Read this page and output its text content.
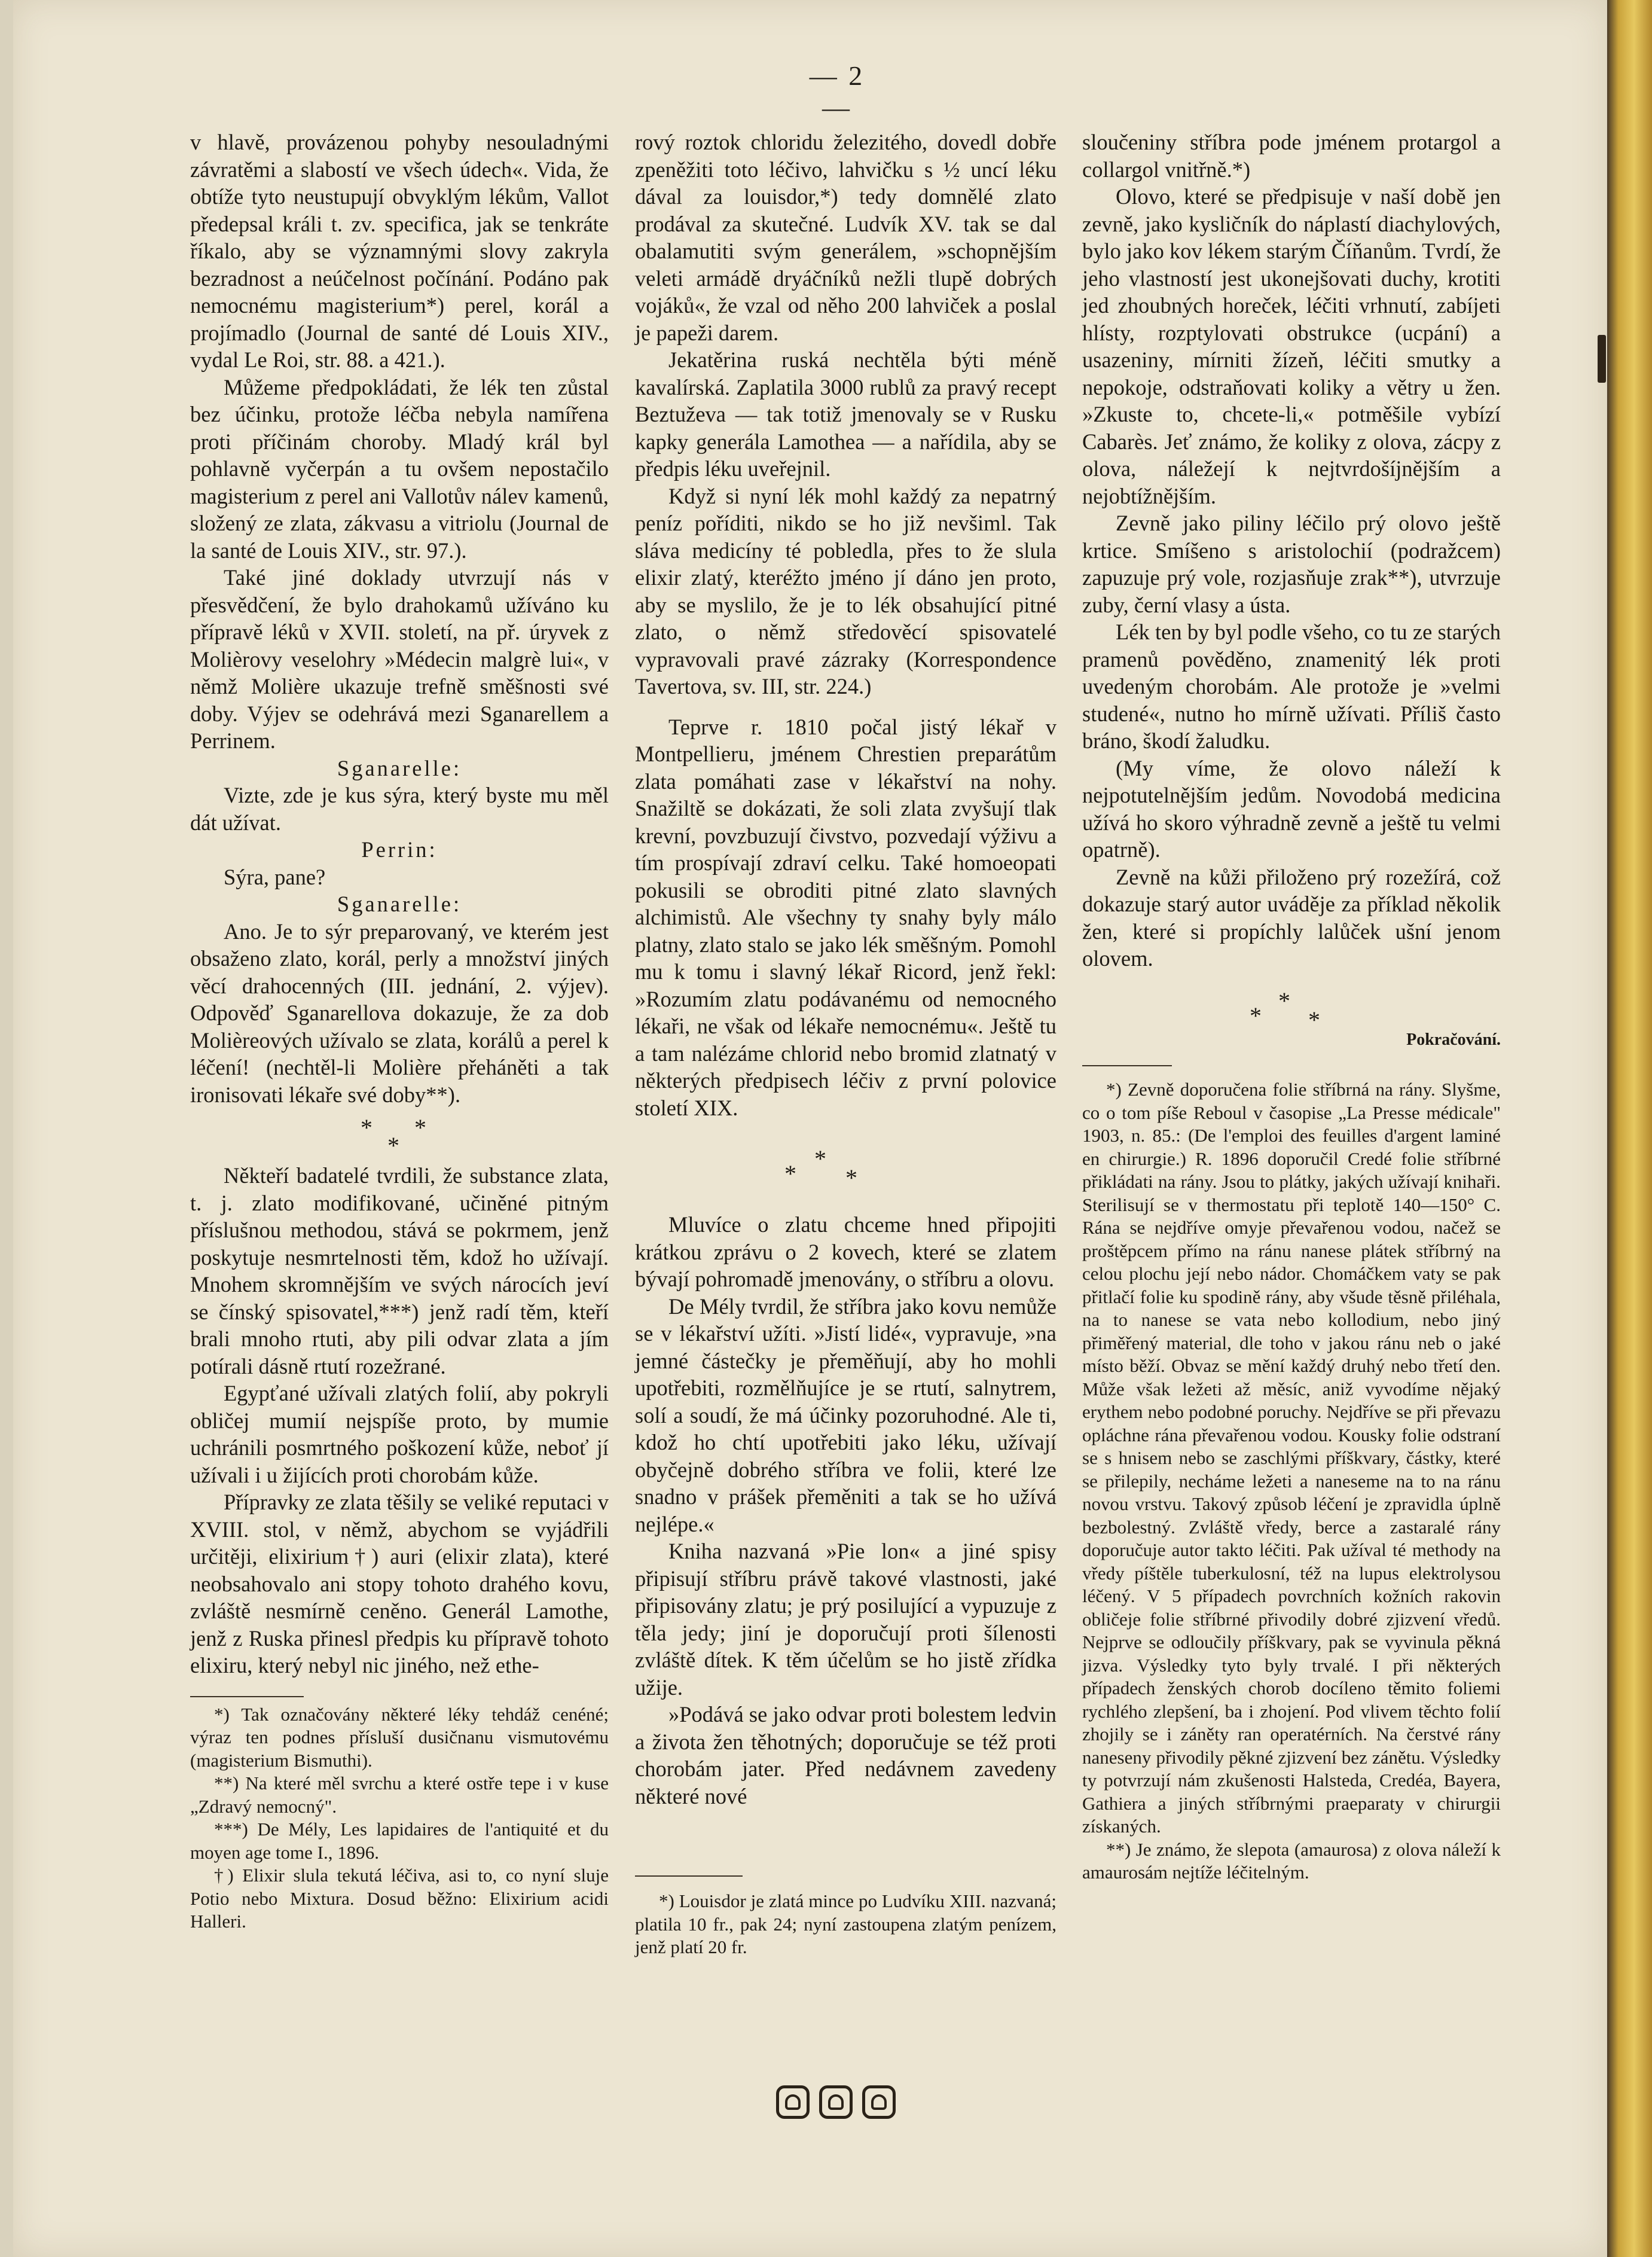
— 2 —

v hlavě, provázenou pohyby nesouladnými závratěmi a slabostí ve všech údech«. Vida, že obtíže tyto neustupují obvyklým lékům, Vallot předepsal králi t. zv. specifica, jak se tenkráte říkalo, aby se významnými slovy zakryla bezradnost a neúčelnost počínání. Podáno pak nemocnému magisterium*) perel, korál a projímadlo (Journal de santé dé Louis XIV., vydal Le Roi, str. 88. a 421.).

Můžeme předpokládati, že lék ten zůstal bez účinku, protože léčba nebyla namířena proti příčinám choroby. Mladý král byl pohlavně vyčerpán a tu ovšem nepostačilo magisterium z perel ani Vallotův nálev kamenů, složený ze zlata, zákvasu a vitriolu (Journal de la santé de Louis XIV., str. 97.).

Také jiné doklady utvrzují nás v přesvědčení, že bylo drahokamů užíváno ku přípravě léků v XVII. století, na př. úryvek z Molièrovy veselohry »Médecin malgrè lui«, v němž Molière ukazuje trefně směšnosti své doby. Výjev se odehrává mezi Sganarellem a Perrinem.

Sganarelle:

Vizte, zde je kus sýra, který byste mu měl dát užívat.

Perrin:

Sýra, pane?

Sganarelle:

Ano. Je to sýr preparovaný, ve kterém jest obsaženo zlato, korál, perly a množství jiných věcí drahocenných (III. jednání, 2. výjev). Odpověď Sganarellova dokazuje, že za dob Molièreových užívalo se zlata, korálů a perel k léčení! (nechtěl-li Molière přeháněti a tak ironisovati lékaře své doby**).

*
*
*

Někteří badatelé tvrdili, že substance zlata, t. j. zlato modifikované, učiněné pitným příslušnou methodou, stává se pokrmem, jenž poskytuje nesmrtelnosti těm, kdož ho užívají. Mnohem skromnějším ve svých nárocích jeví se čínský spisovatel,***) jenž radí těm, kteří brali mnoho rtuti, aby pili odvar zlata a jím potírali dásně rtutí rozežrané.

Egypťané užívali zlatých folií, aby pokryli obličej mumií nejspíše proto, by mumie uchránili posmrtného poškození kůže, neboť jí užívali i u žijících proti chorobám kůže.

Přípravky ze zlata těšily se veliké reputaci v XVIII. stol, v němž, abychom se vyjádřili určitěji, elixirium†) auri (elixir zlata), které neobsahovalo ani stopy tohoto drahého kovu, zvláště nesmírně ceněno. Generál Lamothe, jenž z Ruska přinesl předpis ku přípravě tohoto elixiru, který nebyl nic jiného, než ethe-

*) Tak označovány některé léky tehdáž cenéné; výraz ten podnes přísluší dusičnanu vismutovému (magisterium Bismuthi).

**) Na které měl svrchu a které ostře tepe i v kuse „Zdravý nemocný".

***) De Mély, Les lapidaires de l'antiquité et du moyen age tome I., 1896.

†) Elixir slula tekutá léčiva, asi to, co nyní sluje Potio nebo Mixtura. Dosud běžno: Elixirium acidi Halleri.

rový roztok chloridu železitého, dovedl dobře zpeněžiti toto léčivo, lahvičku s ½ uncí léku dával za louisdor,*) tedy domnělé zlato prodával za skutečné. Ludvík XV. tak se dal obalamutiti svým generálem, »schopnějším veleti armádě dryáčníků nežli tlupě dobrých vojáků«, že vzal od něho 200 lahviček a poslal je papeži darem.

Jekatěrina ruská nechtěla býti méně kavalírská. Zaplatila 3000 rublů za pravý recept Beztuževa — tak totiž jmenovaly se v Rusku kapky generála Lamothea — a nařídila, aby se předpis léku uveřejnil.

Když si nyní lék mohl každý za nepatrný peníz poříditi, nikdo se ho již nevšiml. Tak sláva medicíny té pobledla, přes to že slula elixir zlatý, kteréžto jméno jí dáno jen proto, aby se myslilo, že je to lék obsahující pitné zlato, o němž středověcí spisovatelé vypravovali pravé zázraky (Korrespondence Tavertova, sv. III, str. 224.)

Teprve r. 1810 počal jistý lékař v Montpellieru, jménem Chrestien preparátům zlata pomáhati zase v lékařství na nohy. Snažiltě se dokázati, že soli zlata zvyšují tlak krevní, povzbuzují čivstvo, pozvedají výživu a tím prospívají zdraví celku. Také homoeopati pokusili se obroditi pitné zlato slavných alchimistů. Ale všechny ty snahy byly málo platny, zlato stalo se jako lék směšným. Pomohl mu k tomu i slavný lékař Ricord, jenž řekl: »Rozumím zlatu podávanému od nemocného lékaři, ne však od lékaře nemocnému«. Ještě tu a tam nalézáme chlorid nebo bromid zlatnatý v některých předpisech léčiv z první polovice století XIX.

*
*
*

Mluvíce o zlatu chceme hned připojiti krátkou zprávu o 2 kovech, které se zlatem bývají pohromadě jmenovány, o stříbru a olovu.

De Mély tvrdil, že stříbra jako kovu nemůže se v lékařství užíti. »Jistí lidé«, vypravuje, »na jemné částečky je přeměňují, aby ho mohli upotřebiti, rozmělňujíce je se rtutí, salnytrem, solí a soudí, že má účinky pozoruhodné. Ale ti, kdož ho chtí upotřebiti jako léku, užívají obyčejně dobrého stříbra ve folii, které lze snadno v prášek přeměniti a tak se ho užívá nejlépe.«

Kniha nazvaná »Pie lon« a jiné spisy připisují stříbru právě takové vlastnosti, jaké připisovány zlatu; je prý posilující a vypuzuje z těla jedy; jiní je doporučují proti šílenosti zvláště dítek. K těm účelům se ho jistě zřídka užije.

»Podává se jako odvar proti bolestem ledvin a života žen těhotných; doporučuje se též proti chorobám jater. Před nedávnem zavedeny některé nové

*) Louisdor je zlatá mince po Ludvíku XIII. nazvaná; platila 10 fr., pak 24; nyní zastoupena zlatým penízem, jenž platí 20 fr.

sloučeniny stříbra pode jménem protargol a collargol vnitřně.*)

Olovo, které se předpisuje v naší době jen zevně, jako kysličník do náplastí diachylových, bylo jako kov lékem starým Číňanům. Tvrdí, že jeho vlastností jest ukonejšovati duchy, krotiti jed zhoubných horeček, léčiti vrhnutí, zabíjeti hlísty, rozptylovati obstrukce (ucpání) a usazeniny, mírniti žízeň, léčiti smutky a nepokoje, odstraňovati koliky a větry u žen. »Zkuste to, chcete-li,« potměšile vybízí Cabarès. Jeť známo, že koliky z olova, zácpy z olova, náležejí k nejtvrdošíjnějším a nejobtížnějším.

Zevně jako piliny léčilo prý olovo ještě krtice. Smíšeno s aristolochií (podražcem) zapuzuje prý vole, rozjasňuje zrak**), utvrzuje zuby, černí vlasy a ústa.

Lék ten by byl podle všeho, co tu ze starých pramenů pověděno, znamenitý lék proti uvedeným chorobám. Ale protože je »velmi studené«, nutno ho mírně užívati. Příliš často bráno, škodí žaludku.

(My víme, že olovo náleží k nejpotutelnějším jedům. Novodobá medicina užívá ho skoro výhradně zevně a ještě tu velmi opatrně).

Zevně na kůži přiloženo prý rozežírá, což dokazuje starý autor uváděje za příklad několik žen, které si propíchly lalůček ušní jenom olovem.

*
*
*

Pokračování.

*) Zevně doporučena folie stříbrná na rány. Slyšme, co o tom píše Reboul v časopise „La Presse médicale" 1903, n. 85.: (De l'emploi des feuilles d'argent laminé en chirurgie.) R. 1896 doporučil Credé folie stříbrné přikládati na rány. Jsou to plátky, jakých užívají knihaři. Sterilisují se v thermostatu při teplotě 140—150° C. Rána se nejdříve omyje převařenou vodou, načež se proštěpcem přímo na ránu nanese plátek stříbrný na celou plochu její nebo nádor. Chomáčkem vaty se pak přitlačí folie ku spodině rány, aby všude těsně přiléhala, na to nanese se vata nebo kollodium, nebo jiný přiměřený material, dle toho v jakou ránu neb o jaké místo běží. Obvaz se mění každý druhý nebo třetí den. Může však ležeti až měsíc, aniž vyvodíme nějaký erythem nebo podobné poruchy. Nejdříve se při převazu opláchne rána převařenou vodou. Kousky folie odstraní se s hnisem nebo se zaschlými příškvary, částky, které se přilepily, necháme ležeti a naneseme na to na ránu novou vrstvu. Takový způsob léčení je zpravidla úplně bezbolestný. Zvláště vředy, berce a zastaralé rány doporučuje autor takto léčiti. Pak užíval té methody na vředy píštěle tuberkulosní, též na lupus elektrolysou léčený. V 5 případech povrchních kožních rakovin obličeje folie stříbrné přivodily dobré zjizvení vředů. Nejprve se odloučily příškvary, pak se vyvinula pěkná jizva. Výsledky tyto byly trvalé. I při některých případech ženských chorob docíleno těmito foliemi rychlého zlepšení, ba i zhojení. Pod vlivem těchto folií zhojily se i záněty ran operatérních. Na čerstvé rány naneseny přivodily pěkné zjizvení bez zánětu. Výsledky ty potvrzují nám zkušenosti Halsteda, Credéa, Bayera, Gathiera a jiných stříbrnými praeparaty v chirurgii získaných.

**) Je známo, že slepota (amaurosa) z olova náleží k amaurosám nejtíže léčitelným.
